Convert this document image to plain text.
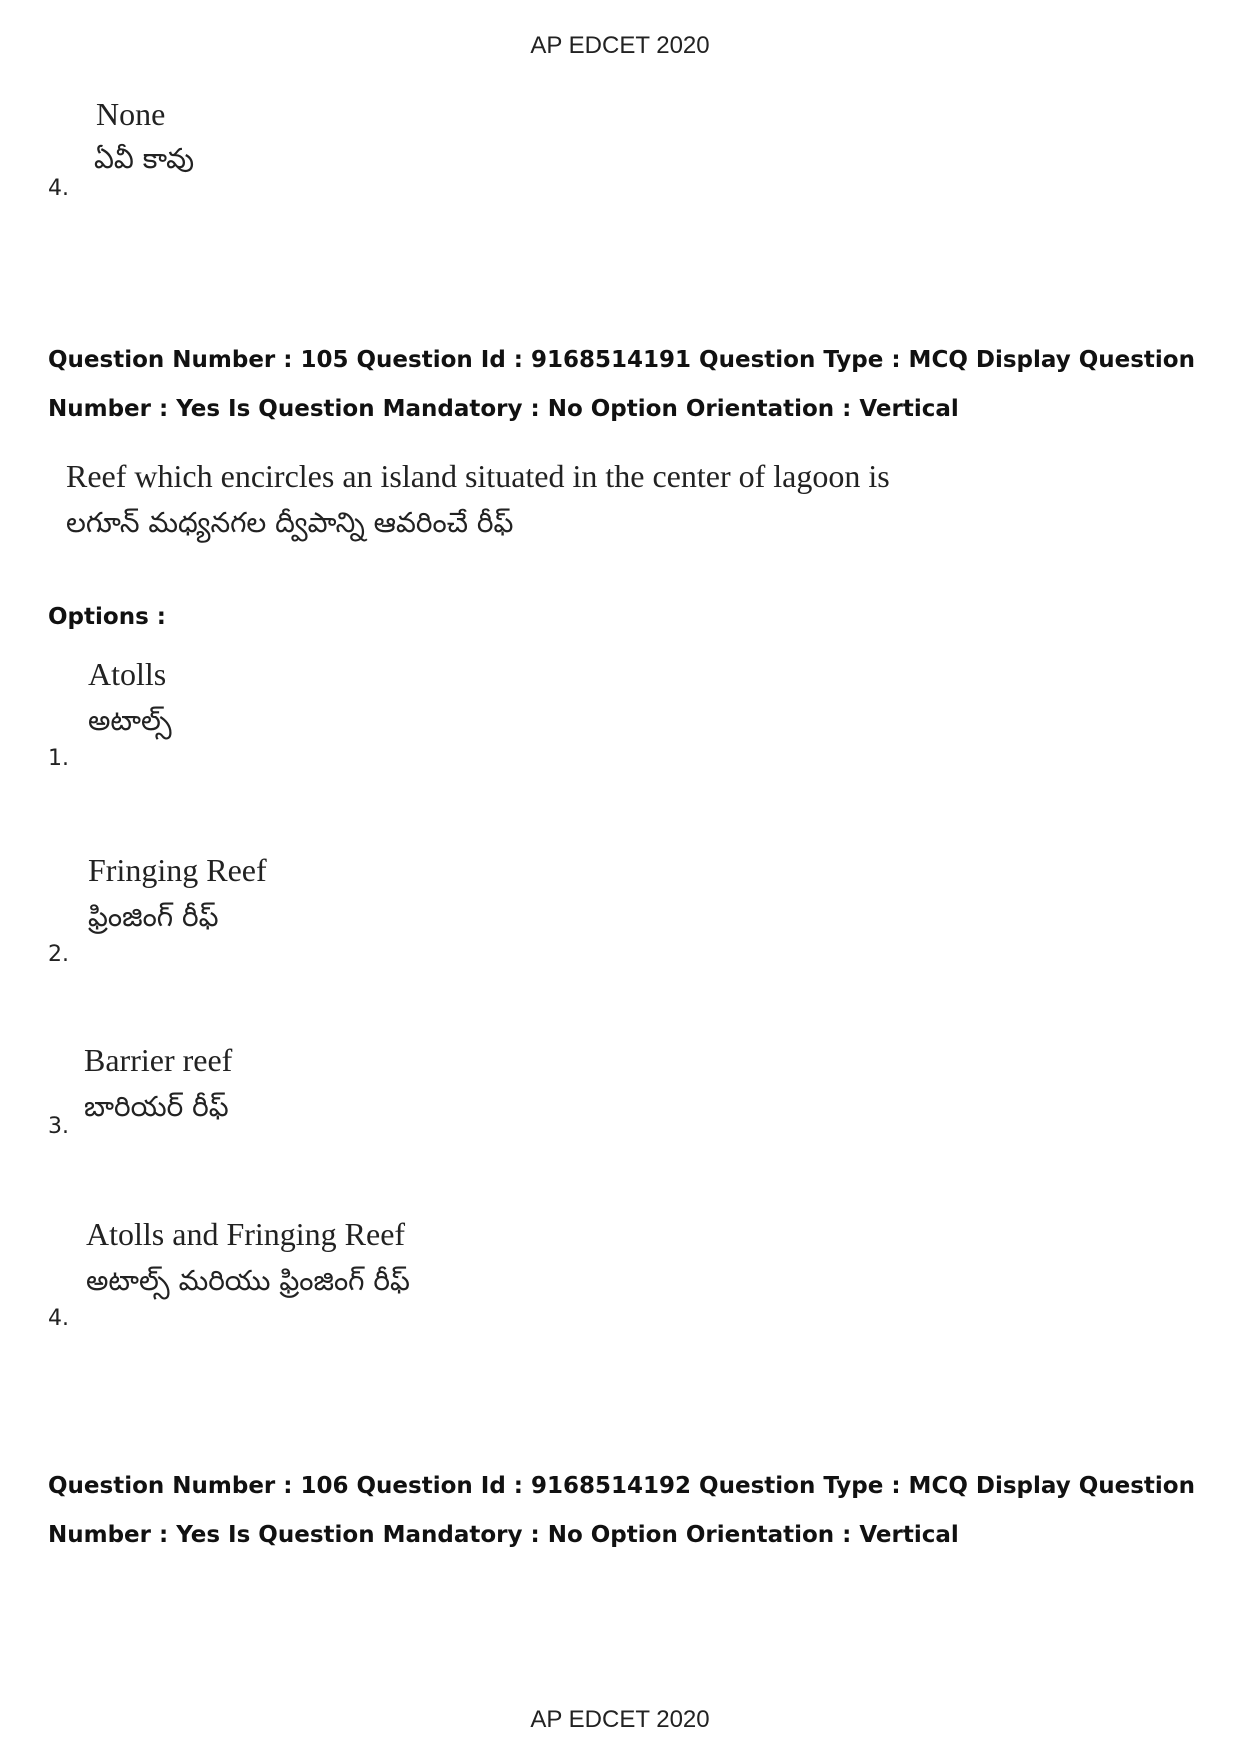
AP EDCET 2020
None
ఏవీ కావు
4.
Question Number : 105 Question Id : 9168514191 Question Type : MCQ Display Question
Number : Yes Is Question Mandatory : No Option Orientation : Vertical
Reef which encircles an island situated in the center of lagoon is
లగూన్ మధ్యనగల ద్వీపాన్ని ఆవరించే రీఫ్
Options :
Atolls
అటాల్స్
1.
Fringing Reef
ఫ్రింజింగ్ రీఫ్
2.
Barrier reef
బారియర్ రీఫ్
3.
Atolls and Fringing Reef
అటాల్స్ మరియు ఫ్రింజింగ్ రీఫ్
4.
Question Number : 106 Question Id : 9168514192 Question Type : MCQ Display Question
Number : Yes Is Question Mandatory : No Option Orientation : Vertical
AP EDCET 2020
